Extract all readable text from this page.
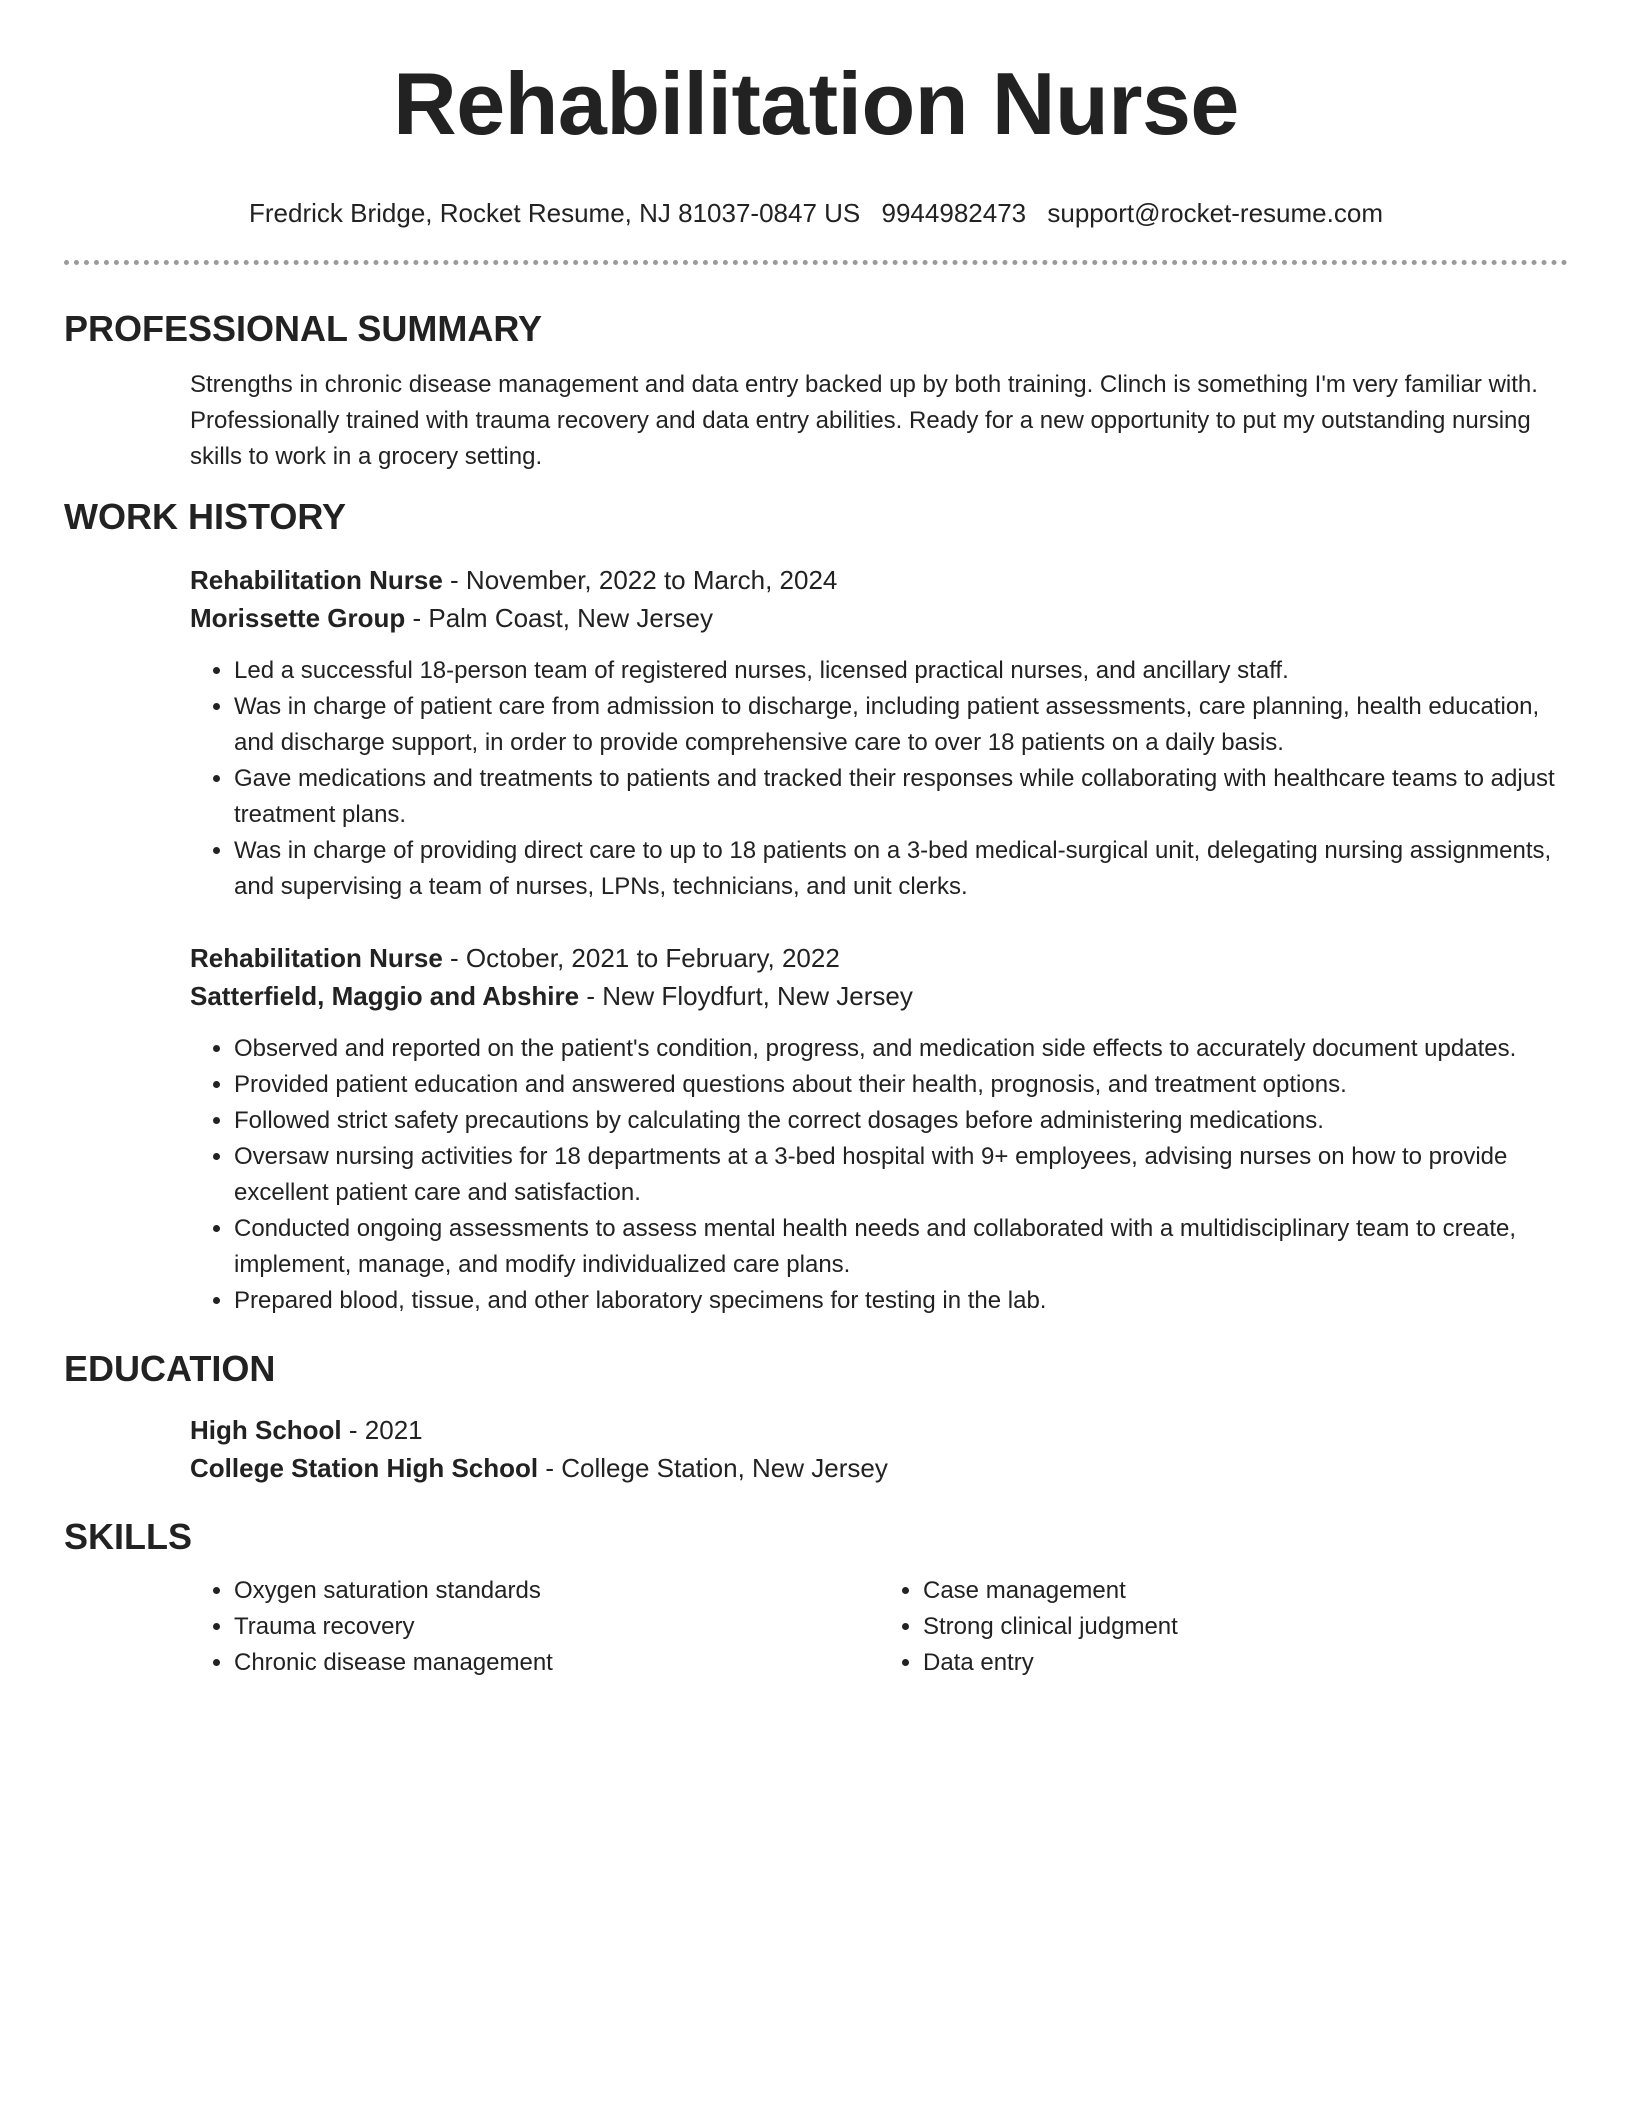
Rehabilitation Nurse
Fredrick Bridge, Rocket Resume, NJ 81037-0847 US 9944982473 support@rocket-resume.com
PROFESSIONAL SUMMARY

Strengths in chronic disease management and data entry backed up by both training. Clinch is something I'm very familiar with. Professionally trained with trauma recovery and data entry abilities. Ready for a new opportunity to put my outstanding nursing skills to work in a grocery setting.

WORK HISTORY
Rehabilitation Nurse - November, 2022 to March, 2024
Morissette Group - Palm Coast, New Jersey
• Led a successful 18-person team of registered nurses, licensed practical nurses, and ancillary staff.
• Was in charge of patient care from admission to discharge, including patient assessments, care planning, health education, and discharge support, in order to provide comprehensive care to over 18 patients on a daily basis.
• Gave medications and treatments to patients and tracked their responses while collaborating with healthcare teams to adjust treatment plans.
• Was in charge of providing direct care to up to 18 patients on a 3-bed medical-surgical unit, delegating nursing assignments, and supervising a team of nurses, LPNs, technicians, and unit clerks.
Rehabilitation Nurse - October, 2021 to February, 2022
Satterfield, Maggio and Abshire - New Floydfurt, New Jersey
• Observed and reported on the patient's condition, progress, and medication side effects to accurately document updates.
• Provided patient education and answered questions about their health, prognosis, and treatment options.
• Followed strict safety precautions by calculating the correct dosages before administering medications.
• Oversaw nursing activities for 18 departments at a 3-bed hospital with 9+ employees, advising nurses on how to provide excellent patient care and satisfaction.
• Conducted ongoing assessments to assess mental health needs and collaborated with a multidisciplinary team to create, implement, manage, and modify individualized care plans.
• Prepared blood, tissue, and other laboratory specimens for testing in the lab.
EDUCATION
High School - 2021
College Station High School - College Station, New Jersey
SKILLS
• Oxygen saturation standards
• Trauma recovery
• Chronic disease management
• Case management
• Strong clinical judgment
• Data entry
